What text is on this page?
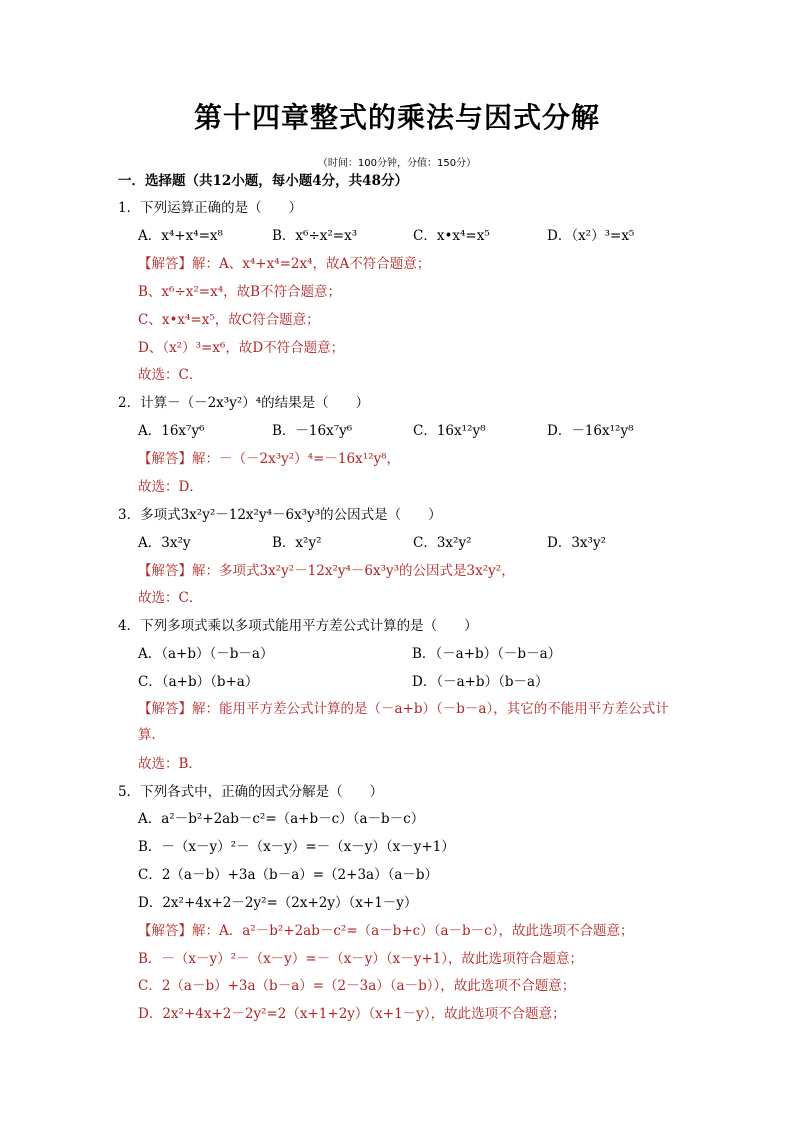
第十四章整式的乘法与因式分解
（时间：100分钟，分值：150分）
一．选择题（共12小题，每小题4分，共48分）
1．下列运算正确的是（　　）
A．x⁴+x⁴=x⁸	B．x⁶÷x²=x³	C．x•x⁴=x⁵	D．（x²）³=x⁵
【解答】解：A、x⁴+x⁴=2x⁴，故A不符合题意；
B、x⁶÷x²=x⁴，故B不符合题意；
C、x•x⁴=x⁵，故C符合题意；
D、（x²）³=x⁶，故D不符合题意；
故选：C．
2．计算－（－2x³y²）⁴的结果是（　　）
A．16x⁷y⁶	B．－16x⁷y⁶	C．16x¹²y⁸	D．－16x¹²y⁸
【解答】解：－（－2x³y²）⁴=－16x¹²y⁸，
故选：D．
3．多项式3x²y²－12x²y⁴－6x³y³的公因式是（　　）
A．3x²y	B．x²y²	C．3x²y²	D．3x³y²
【解答】解：多项式3x²y²－12x²y⁴－6x³y³的公因式是3x²y²，
故选：C．
4．下列多项式乘以多项式能用平方差公式计算的是（　　）
A．（a+b）（－b－a）	B．（－a+b）（－b－a）
C．（a+b）（b+a）	D．（－a+b）（b－a）
【解答】解：能用平方差公式计算的是（－a+b）（－b－a），其它的不能用平方差公式计
算．
故选：B．
5．下列各式中，正确的因式分解是（　　）
A．a²－b²+2ab－c²=（a+b－c）（a－b－c）
B．－（x－y）²－（x－y）=－（x－y）（x－y+1）
C．2（a－b）+3a（b－a）=（2+3a）（a－b）
D．2x²+4x+2－2y²=（2x+2y）（x+1－y）
【解答】解：A．a²－b²+2ab－c²=（a－b+c）（a－b－c），故此选项不合题意；
B．－（x－y）²－（x－y）=－（x－y）（x－y+1），故此选项符合题意；
C．2（a－b）+3a（b－a）=（2－3a）（a－b）），故此选项不合题意；
D．2x²+4x+2－2y²=2（x+1+2y）（x+1－y），故此选项不合题意；
